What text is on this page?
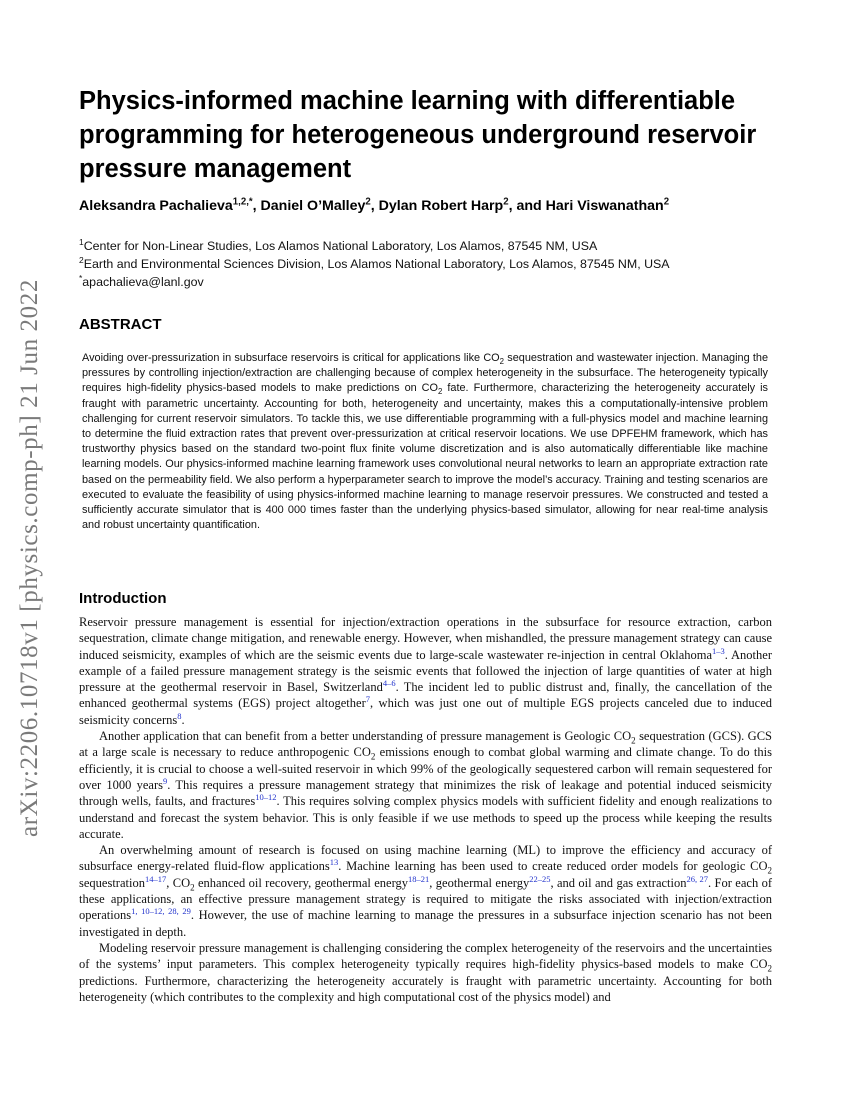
arXiv:2206.10718v1 [physics.comp-ph] 21 Jun 2022
Physics-informed machine learning with differentiable programming for heterogeneous underground reservoir pressure management

Aleksandra Pachalieva$^{1,2,*}$, Daniel O’Malley$^2$, Dylan Robert Harp$^2$, and Hari Viswanathan$^2$

$^1$Center for Non-Linear Studies, Los Alamos National Laboratory, Los Alamos, 87545 NM, USA
$^2$Earth and Environmental Sciences Division, Los Alamos National Laboratory, Los Alamos, 87545 NM, USA
*apachalieva@lanl.gov
ABSTRACT

Avoiding over-pressurization in subsurface reservoirs is critical for applications like $CO_2$ sequestration and wastewater injection. Managing the pressures by controlling injection/extraction are challenging because of complex heterogeneity in the subsurface. The heterogeneity typically requires high-fidelity physics-based models to make predictions on $CO_2$ fate. Furthermore, characterizing the heterogeneity accurately is fraught with parametric uncertainty. Accounting for both, heterogeneity and uncertainty, makes this a computationally-intensive problem challenging for current reservoir simulators. To tackle this, we use differentiable programming with a full-physics model and machine learning to determine the fluid extraction rates that prevent over-pressurization at critical reservoir locations. We use DPFEHM framework, which has trustworthy physics based on the standard two-point flux finite volume discretization and is also automatically differentiable like machine learning models. Our physics-informed machine learning framework uses convolutional neural networks to learn an appropriate extraction rate based on the permeability field. We also perform a hyperparameter search to improve the model’s accuracy. Training and testing scenarios are executed to evaluate the feasibility of using physics-informed machine learning to manage reservoir pressures. We constructed and tested a sufficiently accurate simulator that is 400 000 times faster than the underlying physics-based simulator, allowing for near real-time analysis and robust uncertainty quantification.

Introduction

Reservoir pressure management is essential for injection/extraction operations in the subsurface for resource extraction, carbon sequestration, climate change mitigation, and renewable energy. However, when mishandled, the pressure management strategy can cause induced seismicity, examples of which are the seismic events due to large-scale wastewater re-injection in central Oklahoma$^{1-3}$. Another example of a failed pressure management strategy is the seismic events that followed the injection of large quantities of water at high pressure at the geothermal reservoir in Basel, Switzerland$^{4-6}$. The incident led to public distrust and, finally, the cancellation of the enhanced geothermal systems (EGS) project altogether$^7$, which was just one out of multiple EGS projects canceled due to induced seismicity concerns$^8$.

Another application that can benefit from a better understanding of pressure management is Geologic $CO_2$ sequestration (GCS). GCS at a large scale is necessary to reduce anthropogenic $CO_2$ emissions enough to combat global warming and climate change. To do this efficiently, it is crucial to choose a well-suited reservoir in which 99% of the geologically sequestered carbon will remain sequestered for over 1000 years$^9$. This requires a pressure management strategy that minimizes the risk of leakage and potential induced seismicity through wells, faults, and fractures$^{10-12}$. This requires solving complex physics models with sufficient fidelity and enough realizations to understand and forecast the system behavior. This is only feasible if we use methods to speed up the process while keeping the results accurate.

An overwhelming amount of research is focused on using machine learning (ML) to improve the efficiency and accuracy of subsurface energy-related fluid-flow applications$^{13}$. Machine learning has been used to create reduced order models for geologic $CO_2$ sequestration$^{14-17}$, $CO_2$ enhanced oil recovery, geothermal energy$^{18-21}$, geothermal energy$^{22-25}$, and oil and gas extraction$^{26, 27}$. For each of these applications, an effective pressure management strategy is required to mitigate the risks associated with injection/extraction operations$^{1, 10-12, 28, 29}$. However, the use of machine learning to manage the pressures in a subsurface injection scenario has not been investigated in depth.

Modeling reservoir pressure management is challenging considering the complex heterogeneity of the reservoirs and the uncertainties of the systems’ input parameters. This complex heterogeneity typically requires high-fidelity physics-based models to make $CO_2$ predictions. Furthermore, characterizing the heterogeneity accurately is fraught with parametric uncertainty. Accounting for both heterogeneity (which contributes to the complexity and high computational cost of the physics model) and
